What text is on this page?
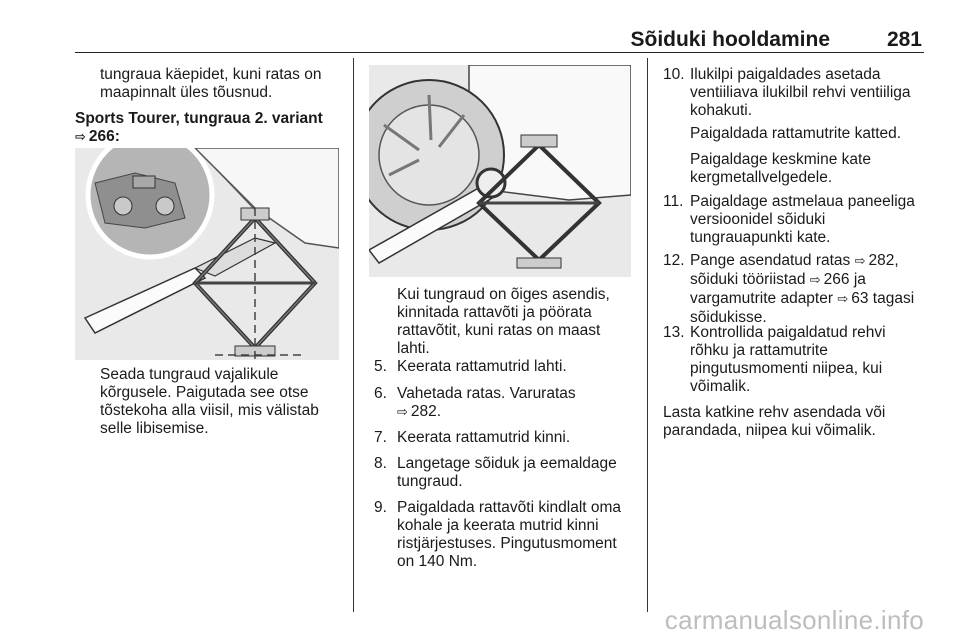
Sõiduki hooldamine	281
tungraua käepidet, kuni ratas on
maapinnalt üles tõusnud.
Sports Tourer, tungraua 2. variant
⇨ 266:
Seada tungraud vajalikule
kõrgusele. Paigutada see otse
tõstekoha alla viisil, mis välistab
selle libisemise.
Kui tungraud on õiges asendis,
kinnitada rattavõti ja pöörata
rattavõtit, kuni ratas on maast
lahti.
5. Keerata rattamutrid lahti.
6. Vahetada ratas. Varuratas
⇨ 282.
7. Keerata rattamutrid kinni.
8. Langetage sõiduk ja eemaldage
tungraud.
9. Paigaldada rattavõti kindlalt oma
kohale ja keerata mutrid kinni
ristjärjestuses. Pingutusmoment
on 140 Nm.
10. Ilukilpi paigaldades asetada
ventiiliava ilukilbil rehvi ventiiliga
kohakuti.
Paigaldada rattamutrite katted.
Paigaldage keskmine kate
kergmetallvelgedele.
11. Paigaldage astmelaua paneeliga
versioonidel sõiduki
tungrauapunkti kate.
12. Pange asendatud ratas ⇨ 282,
sõiduki tööriistad ⇨ 266 ja
vargamutrite adapter ⇨ 63 tagasi
sõidukisse.
13. Kontrollida paigaldatud rehvi
rõhku ja rattamutrite
pingutusmomenti niipea, kui
võimalik.
Lasta katkine rehv asendada või
parandada, niipea kui võimalik.
carmanualsonline.info
